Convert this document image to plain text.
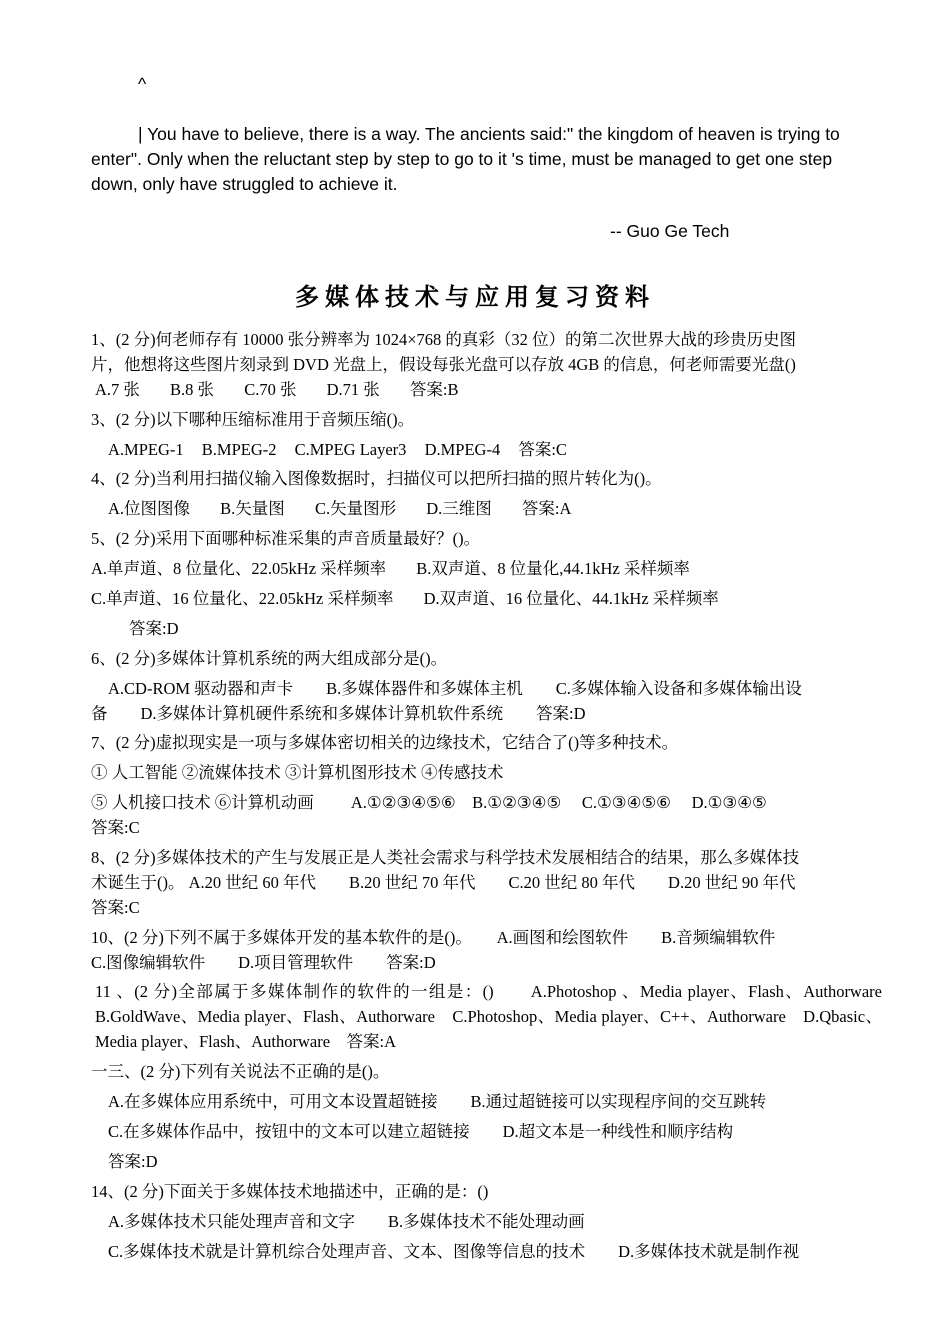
^
| You have to believe, there is a way. The ancients said:" the kingdom of heaven is trying to enter". Only when the reluctant step by step to go to it 's time, must be managed to get one step down, only have struggled to achieve it.
-- Guo Ge Tech
多媒体技术与应用复习资料
1、(2 分)何老师存有 10000 张分辨率为 1024×768 的真彩（32 位）的第二次世界大战的珍贵历史图
片，他想将这些图片刻录到 DVD 光盘上，假设每张光盘可以存放 4GB 的信息，何老师需要光盘()
A.7 张 B.8 张 C.70 张 D.71 张 答案:B
3、(2 分)以下哪种压缩标准用于音频压缩()。
A.MPEG-1 B.MPEG-2 C.MPEG Layer3 D.MPEG-4 答案:C
4、(2 分)当利用扫描仪输入图像数据时，扫描仪可以把所扫描的照片转化为()。
A.位图图像 B.矢量图 C.矢量图形 D.三维图 答案:A
5、(2 分)采用下面哪种标准采集的声音质量最好？()。
A.单声道、8 位量化、22.05kHz 采样频率 B.双声道、8 位量化,44.1kHz 采样频率
C.单声道、16 位量化、22.05kHz 采样频率 D.双声道、16 位量化、44.1kHz 采样频率
答案:D
6、(2 分)多媒体计算机系统的两大组成部分是()。
A.CD-ROM 驱动器和声卡　　B.多媒体器件和多媒体主机　　C.多媒体输入设备和多媒体输出设
备　　D.多媒体计算机硬件系统和多媒体计算机软件系统　　答案:D
7、(2 分)虚拟现实是一项与多媒体密切相关的边缘技术，它结合了()等多种技术。
① 人工智能 ②流媒体技术 ③计算机图形技术 ④传感技术
⑤ 人机接口技术 ⑥计算机动画　　 A.①②③④⑤⑥　B.①②③④⑤　 C.①③④⑤⑥　 D.①③④⑤
答案:C
8、(2 分)多媒体技术的产生与发展正是人类社会需求与科学技术发展相结合的结果，那么多媒体技
术诞生于()。 A.20 世纪 60 年代　　B.20 世纪 70 年代　　C.20 世纪 80 年代　　D.20 世纪 90 年代
答案:C
10、(2 分)下列不属于多媒体开发的基本软件的是()。　　A.画图和绘图软件　　B.音频编辑软件
C.图像编辑软件　　D.项目管理软件　　答案:D
11 、(2 分)全部属于多媒体制作的软件的一组是：()　　A.Photoshop 、Media player、Flash、Authorware　B.GoldWave、Media player、Flash、Authorware　C.Photoshop、Media player、C++、Authorware　D.Qbasic、Media player、Flash、Authorware　答案:A
一三、(2 分)下列有关说法不正确的是()。
A.在多媒体应用系统中，可用文本设置超链接　　B.通过超链接可以实现程序间的交互跳转
C.在多媒体作品中，按钮中的文本可以建立超链接　　D.超文本是一种线性和顺序结构
答案:D
14、(2 分)下面关于多媒体技术地描述中，正确的是：()
A.多媒体技术只能处理声音和文字　　B.多媒体技术不能处理动画
C.多媒体技术就是计算机综合处理声音、文本、图像等信息的技术　　D.多媒体技术就是制作视
